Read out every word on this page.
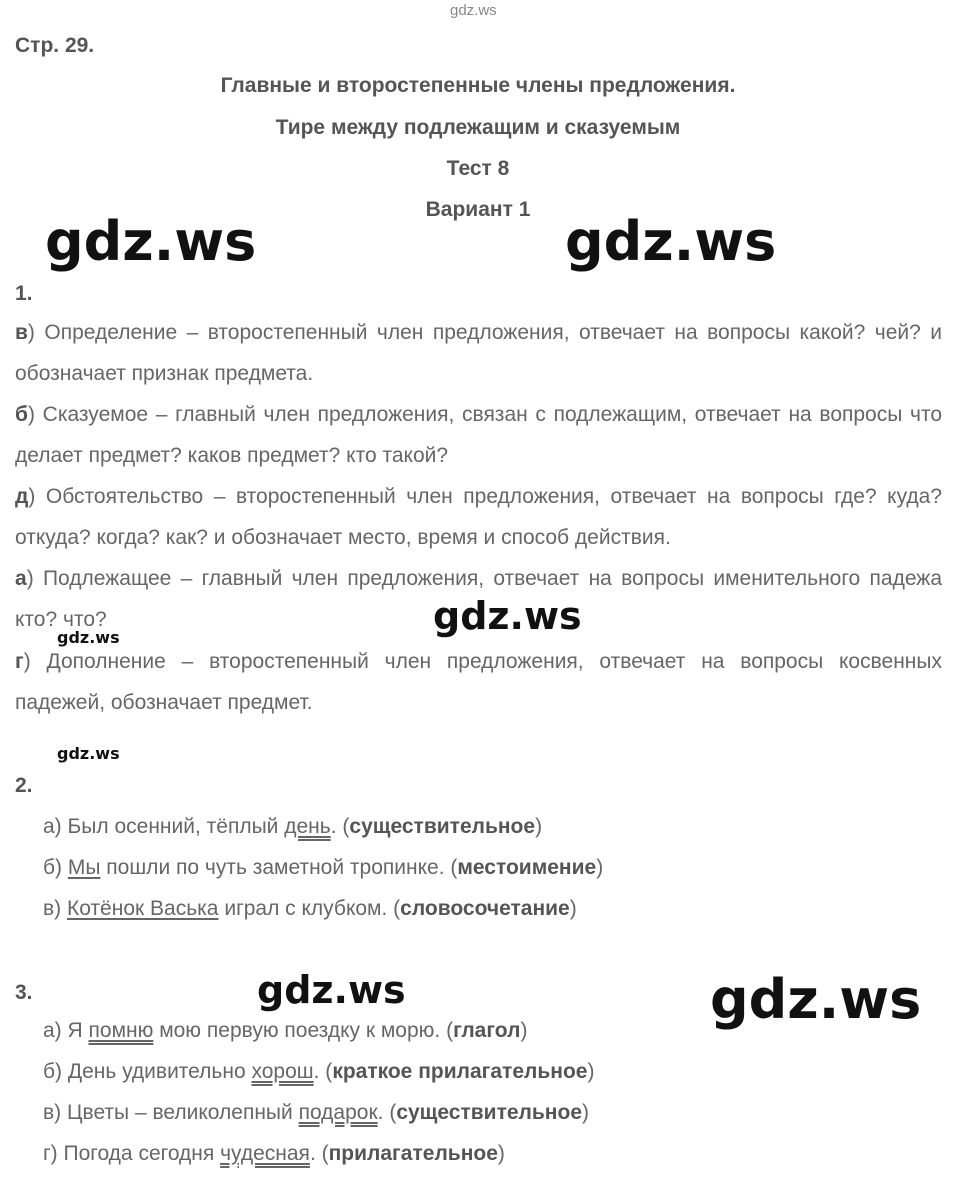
gdz.ws
Стр. 29.
Главные и второстепенные члены предложения.
Тире между подлежащим и сказуемым
Тест 8
Вариант 1
gdz.ws	gdz.ws
1.
в) Определение – второстепенный член предложения, отвечает на вопросы какой? чей? и обозначает признак предмета.
б) Сказуемое – главный член предложения, связан с подлежащим, отвечает на вопросы что делает предмет? каков предмет? кто такой?
д) Обстоятельство – второстепенный член предложения, отвечает на вопросы где? куда? откуда? когда? как? и обозначает место, время и способ действия.
а) Подлежащее – главный член предложения, отвечает на вопросы именительного падежа кто? что?
г) Дополнение – второстепенный член предложения, отвечает на вопросы косвенных падежей, обозначает предмет.
gdz.ws
gdz.ws
gdz.ws
2.
а) Был осенний, тёплый день. (существительное)
б) Мы пошли по чуть заметной тропинке. (местоимение)
в) Котёнок Васька играл с клубком. (словосочетание)
3.	gdz.ws	gdz.ws
а) Я помню мою первую поездку к морю. (глагол)
б) День удивительно хорош. (краткое прилагательное)
в) Цветы – великолепный подарок. (существительное)
г) Погода сегодня чудесная. (прилагательное)
